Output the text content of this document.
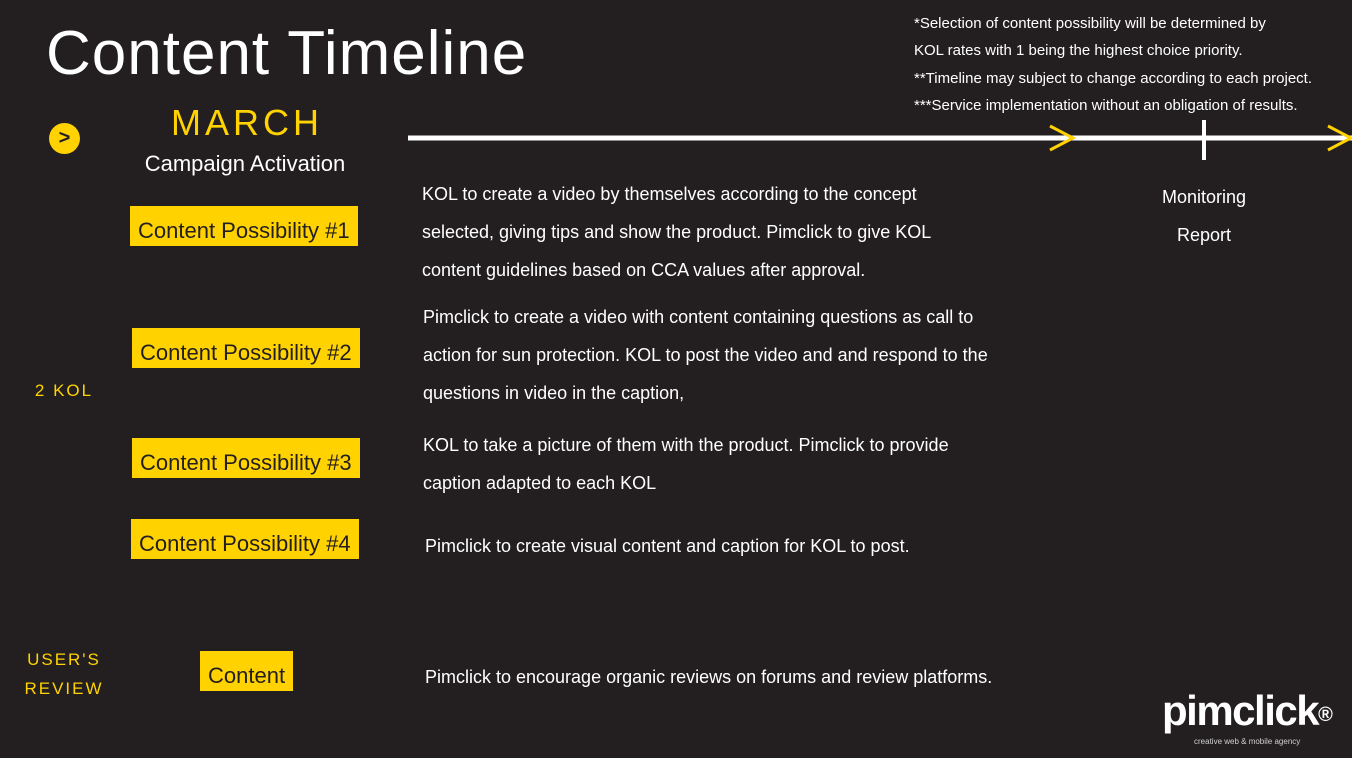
Content Timeline	*Selection of content possibility will be determined by
KOL rates with 1 being the highest choice priority.
**Timeline may subject to change according to each project.
***Service implementation without an obligation of results.
>	MARCH
Campaign Activation
Monitoring
Report
2 KOL
USER'S
REVIEW
Content Possibility #1
KOL to create a video by themselves according to the concept
selected, giving tips and show the product. Pimclick to give KOL
content guidelines based on CCA values after approval.
Content Possibility #2
Pimclick to create a video with content containing questions as call to
action for sun protection. KOL to post the video and and respond to the
questions in video in the caption,
Content Possibility #3
KOL to take a picture of them with the product. Pimclick to provide
caption adapted to each KOL
Content Possibility #4	Pimclick to create visual content and caption for KOL to post.
Content	Pimclick to encourage organic reviews on forums and review platforms.
pimclick®
creative web & mobile agency
